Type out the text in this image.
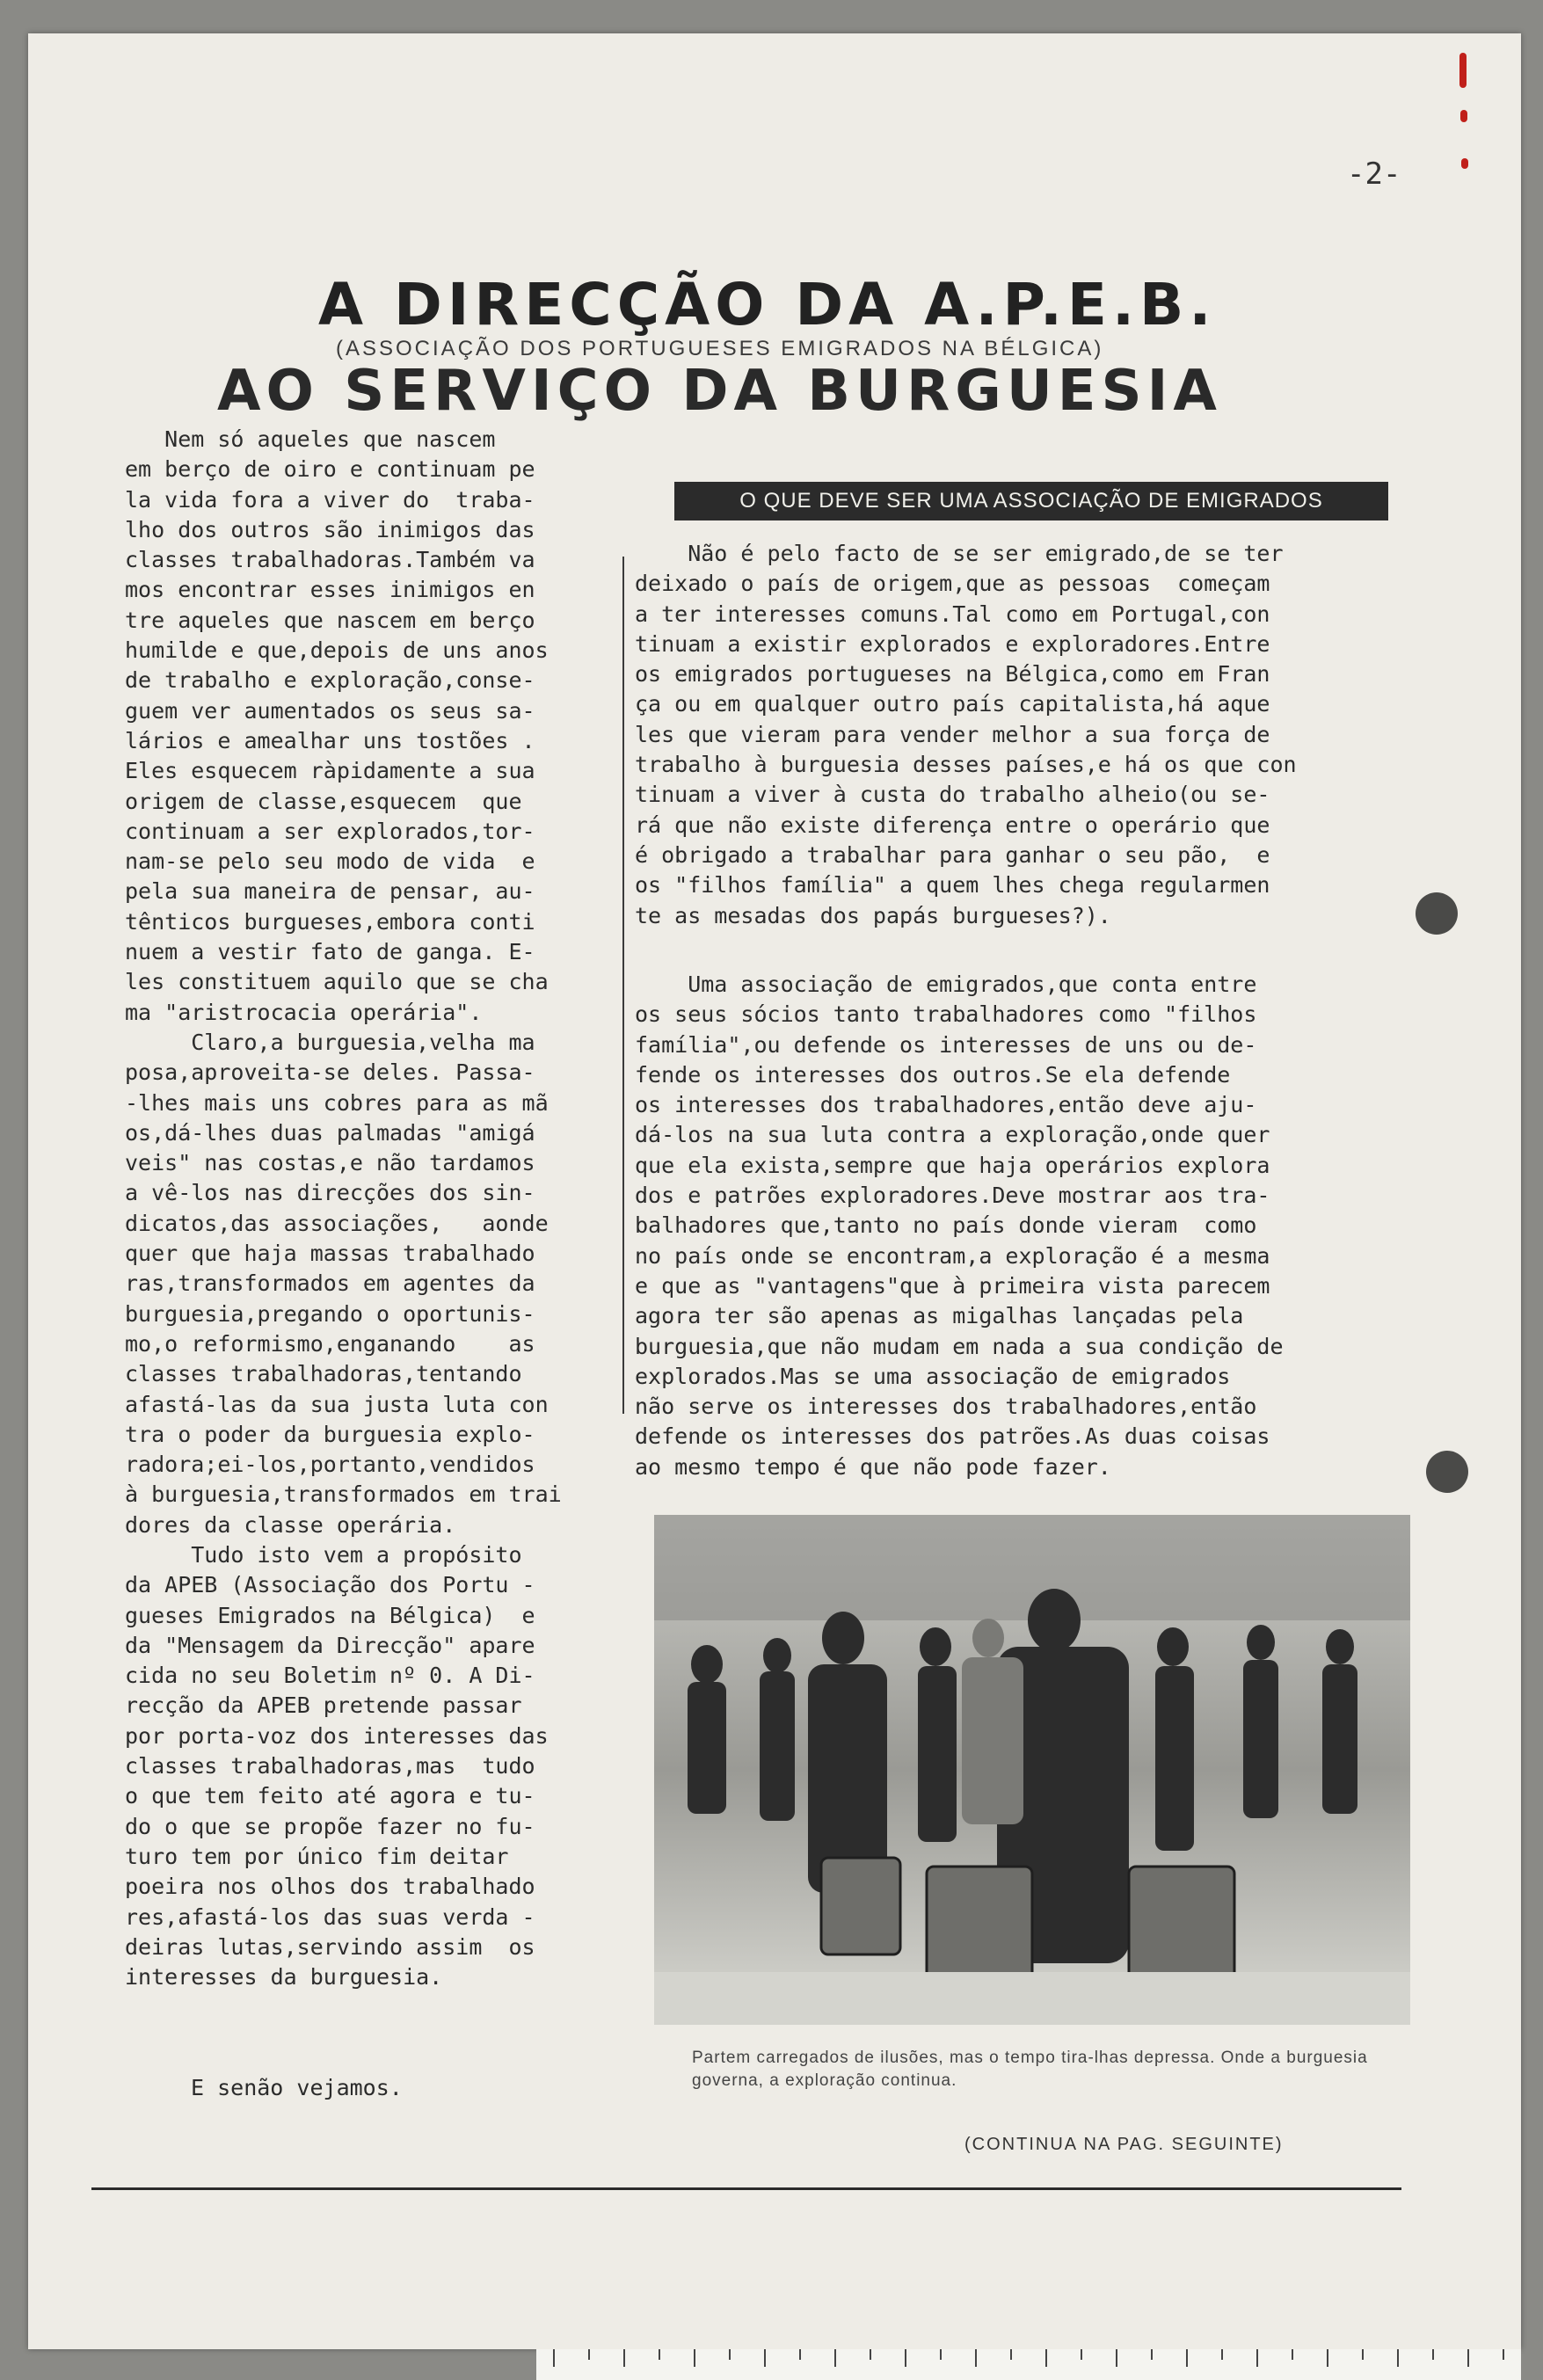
-2-
A DIRECÇÃO DA A.P.E.B.
(ASSOCIAÇÃO DOS PORTUGUESES EMIGRADOS NA BÉLGICA)
AO SERVIÇO DA BURGUESIA
Nem só aqueles que nascem
em berço de oiro e continuam pe
la vida fora a viver do  traba-
lho dos outros são inimigos das
classes trabalhadoras.Também va
mos encontrar esses inimigos en
tre aqueles que nascem em berço
humilde e que,depois de uns anos
de trabalho e exploração,conse-
guem ver aumentados os seus sa-
lários e amealhar uns tostões .
Eles esquecem ràpidamente a sua
origem de classe,esquecem  que
continuam a ser explorados,tor-
nam-se pelo seu modo de vida  e
pela sua maneira de pensar, au-
tênticos burgueses,embora conti
nuem a vestir fato de ganga. E-
les constituem aquilo que se cha
ma "aristrocacia operária".
Claro,a burguesia,velha ma
posa,aproveita-se deles. Passa-
-lhes mais uns cobres para as mã
os,dá-lhes duas palmadas "amigá
veis" nas costas,e não tardamos
a vê-los nas direcções dos sin-
dicatos,das associações,   aonde
quer que haja massas trabalhado
ras,transformados em agentes da
burguesia,pregando o oportunis-
mo,o reformismo,enganando    as
classes trabalhadoras,tentando
afastá-las da sua justa luta con
tra o poder da burguesia explo-
radora;ei-los,portanto,vendidos
à burguesia,transformados em trai
dores da classe operária.
Tudo isto vem a propósito
da APEB (Associação dos Portu -
gueses Emigrados na Bélgica)  e
da "Mensagem da Direcção" apare
cida no seu Boletim nº 0. A Di-
recção da APEB pretende passar
por porta-voz dos interesses das
classes trabalhadoras,mas  tudo
o que tem feito até agora e tu-
do o que se propõe fazer no fu-
turo tem por único fim deitar
poeira nos olhos dos trabalhado
res,afastá-los das suas verda -
deiras lutas,servindo assim  os
interesses da burguesia.
E senão vejamos.
O QUE DEVE SER UMA ASSOCIAÇÃO DE EMIGRADOS
Não é pelo facto de se ser emigrado,de se ter
deixado o país de origem,que as pessoas  começam
a ter interesses comuns.Tal como em Portugal,con
tinuam a existir explorados e exploradores.Entre
os emigrados portugueses na Bélgica,como em Fran
ça ou em qualquer outro país capitalista,há aque
les que vieram para vender melhor a sua força de
trabalho à burguesia desses países,e há os que con
tinuam a viver à custa do trabalho alheio(ou se-
rá que não existe diferença entre o operário que
é obrigado a trabalhar para ganhar o seu pão,  e
os "filhos família" a quem lhes chega regularmen
te as mesadas dos papás burgueses?).
Uma associação de emigrados,que conta entre
os seus sócios tanto trabalhadores como "filhos
família",ou defende os interesses de uns ou de-
fende os interesses dos outros.Se ela defende
os interesses dos trabalhadores,então deve aju-
dá-los na sua luta contra a exploração,onde quer
que ela exista,sempre que haja operários explora
dos e patrões exploradores.Deve mostrar aos tra-
balhadores que,tanto no país donde vieram  como
no país onde se encontram,a exploração é a mesma
e que as "vantagens"que à primeira vista parecem
agora ter são apenas as migalhas lançadas pela
burguesia,que não mudam em nada a sua condição de
explorados.Mas se uma associação de emigrados
não serve os interesses dos trabalhadores,então
defende os interesses dos patrões.As duas coisas
ao mesmo tempo é que não pode fazer.
Partem carregados de ilusões, mas o tempo tira-lhas depressa. Onde a burguesia governa, a exploração continua.
(CONTINUA NA PAG. SEGUINTE)
